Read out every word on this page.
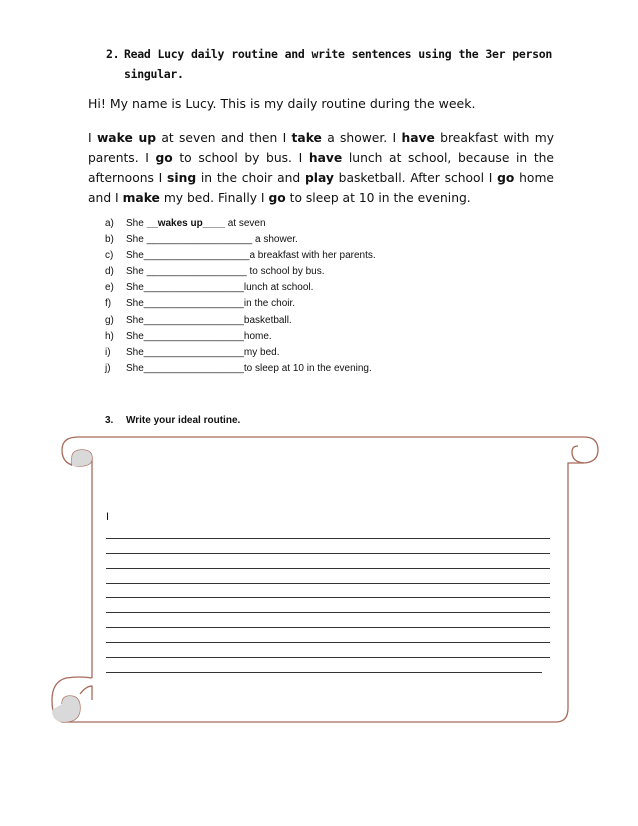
2. Read Lucy daily routine and write sentences using the 3er person singular.
Hi! My name is Lucy. This is my daily routine during the week.
I wake up at seven and then I take a shower. I have breakfast with my parents. I go to school by bus. I have lunch at school, because in the afternoons I sing in the choir and play basketball. After school I go home and I make my bed. Finally I go to sleep at 10 in the evening.
a) She __wakes up____ at seven
b) She ___________________ a shower.
c) She___________________a breakfast with her parents.
d) She __________________ to school by bus.
e) She__________________lunch at school.
f) She__________________in the choir.
g) She__________________basketball.
h) She__________________home.
i) She__________________my bed.
j) She__________________to sleep at 10 in the evening.
3. Write your ideal routine.
I
